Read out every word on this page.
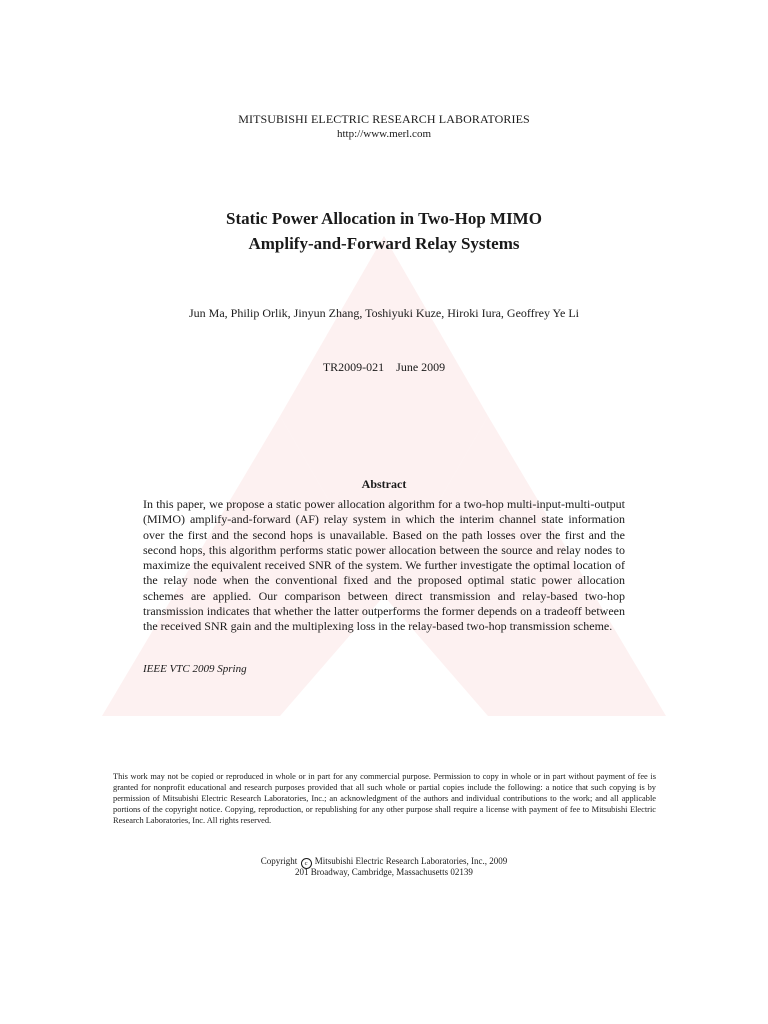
MITSUBISHI ELECTRIC RESEARCH LABORATORIES
http://www.merl.com
Static Power Allocation in Two-Hop MIMO
Amplify-and-Forward Relay Systems
Jun Ma, Philip Orlik, Jinyun Zhang, Toshiyuki Kuze, Hiroki Iura, Geoffrey Ye Li
TR2009-021 June 2009
Abstract
In this paper, we propose a static power allocation algorithm for a two-hop multi-input-multi-output (MIMO) amplify-and-forward (AF) relay system in which the interim channel state information over the first and the second hops is unavailable. Based on the path losses over the first and the second hops, this algorithm performs static power allocation between the source and relay nodes to maximize the equivalent received SNR of the system. We further investigate the optimal location of the relay node when the conventional fixed and the proposed optimal static power allocation schemes are applied. Our comparison between direct transmission and relay-based two-hop transmission indicates that whether the latter outperforms the former depends on a tradeoff between the received SNR gain and the multiplexing loss in the relay-based two-hop transmission scheme.
IEEE VTC 2009 Spring
This work may not be copied or reproduced in whole or in part for any commercial purpose. Permission to copy in whole or in part without payment of fee is granted for nonprofit educational and research purposes provided that all such whole or partial copies include the following: a notice that such copying is by permission of Mitsubishi Electric Research Laboratories, Inc.; an acknowledgment of the authors and individual contributions to the work; and all applicable portions of the copyright notice. Copying, reproduction, or republishing for any other purpose shall require a license with payment of fee to Mitsubishi Electric Research Laboratories, Inc. All rights reserved.
Copyright c Mitsubishi Electric Research Laboratories, Inc., 2009
201 Broadway, Cambridge, Massachusetts 02139
